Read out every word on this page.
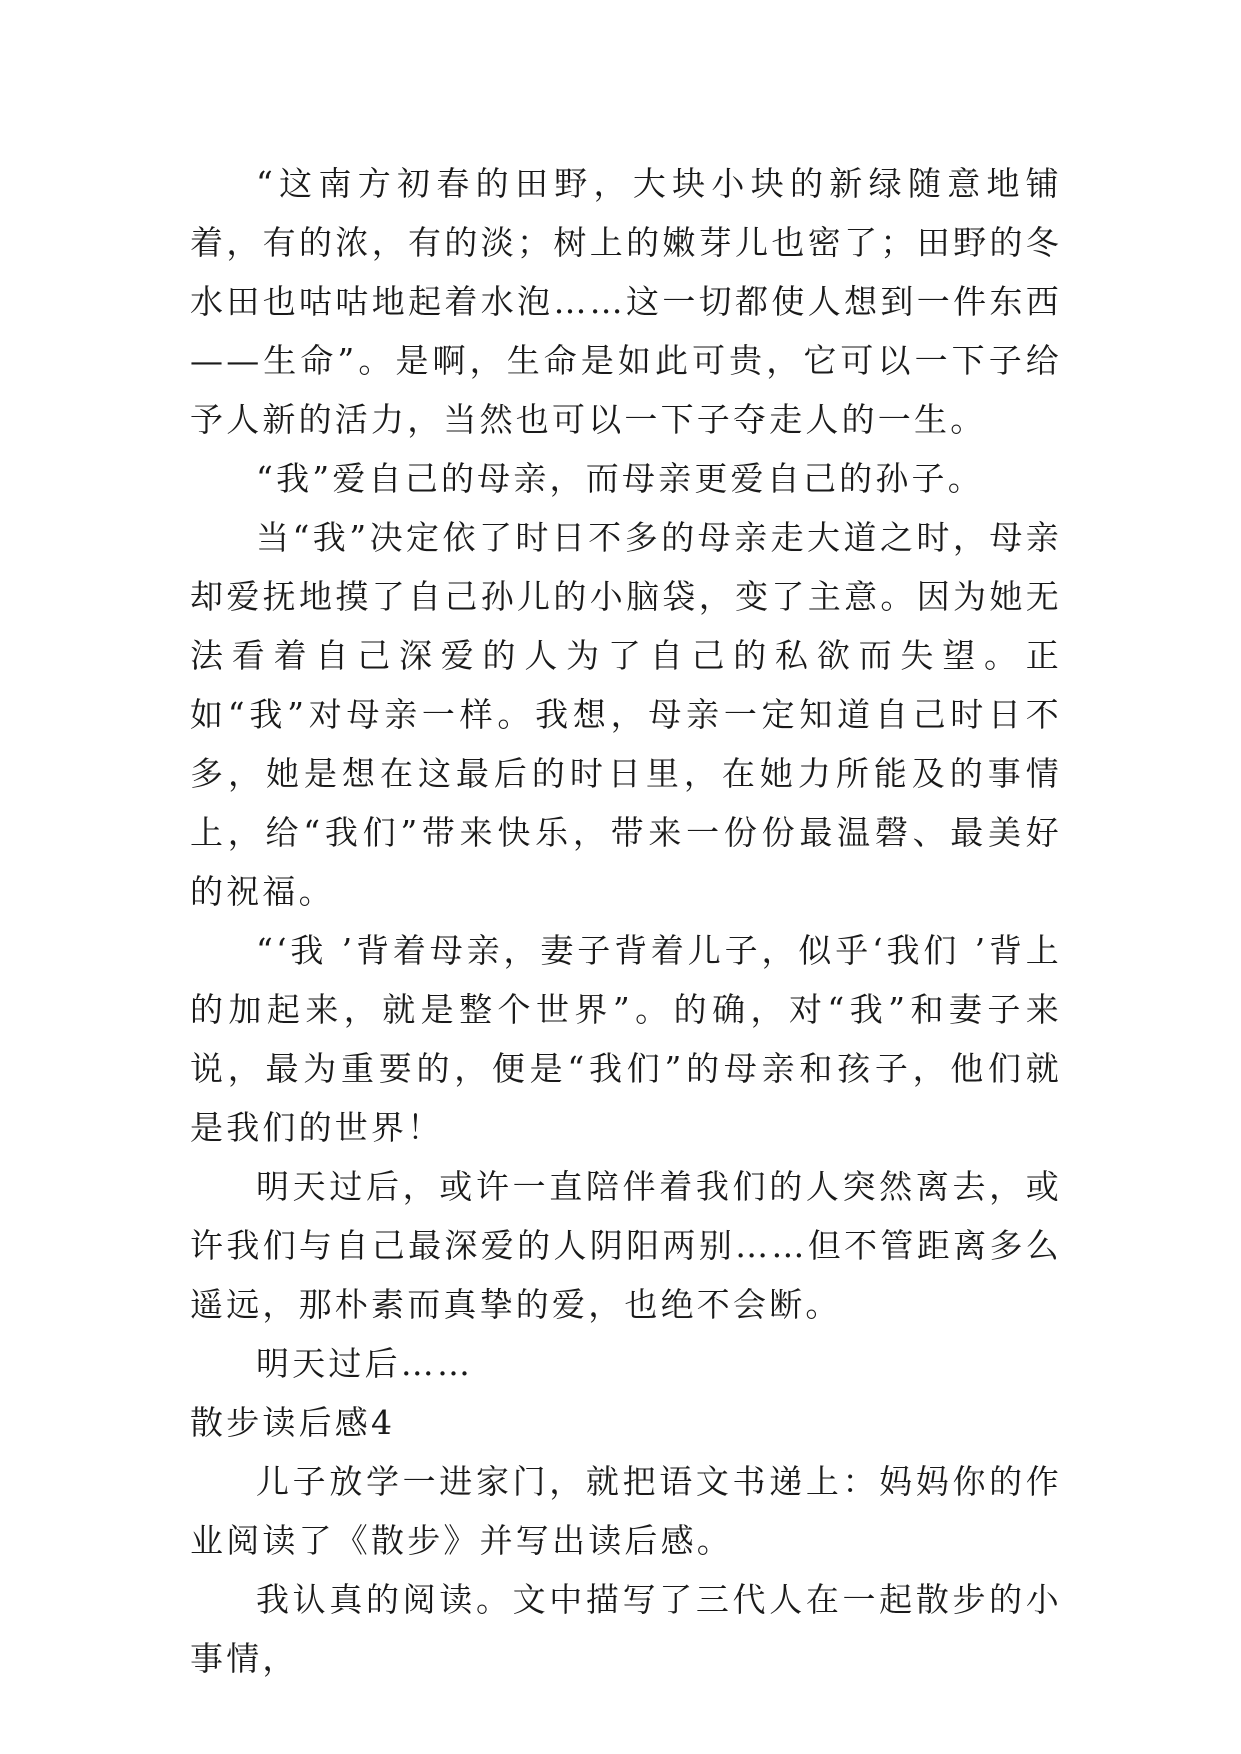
“这南方初春的田野，大块小块的新绿随意地铺着，有的浓，有的淡；树上的嫩芽儿也密了；田野的冬水田也咕咕地起着水泡……这一切都使人想到一件东西——生命”。是啊，生命是如此可贵，它可以一下子给予人新的活力，当然也可以一下子夺走人的一生。

“我”爱自己的母亲，而母亲更爱自己的孙子。

当“我”决定依了时日不多的母亲走大道之时，母亲却爱抚地摸了自己孙儿的小脑袋，变了主意。因为她无法看着自己深爱的人为了自己的私欲而失望。正如“我”对母亲一样。我想，母亲一定知道自己时日不多，她是想在这最后的时日里，在她力所能及的事情上，给“我们”带来快乐，带来一份份最温磬、最美好的祝福。

“‘我 ’背着母亲，妻子背着儿子，似乎‘我们 ’背上的加起来，就是整个世界”。的确，对“我”和妻子来说，最为重要的，便是“我们”的母亲和孩子，他们就是我们的世界！

明天过后，或许一直陪伴着我们的人突然离去，或许我们与自己最深爱的人阴阳两别……但不管距离多么遥远，那朴素而真挚的爱，也绝不会断。

明天过后……

散步读后感4

儿子放学一进家门，就把语文书递上：妈妈你的作业阅读了《散步》并写出读后感。

我认真的阅读。文中描写了三代人在一起散步的小事情，
